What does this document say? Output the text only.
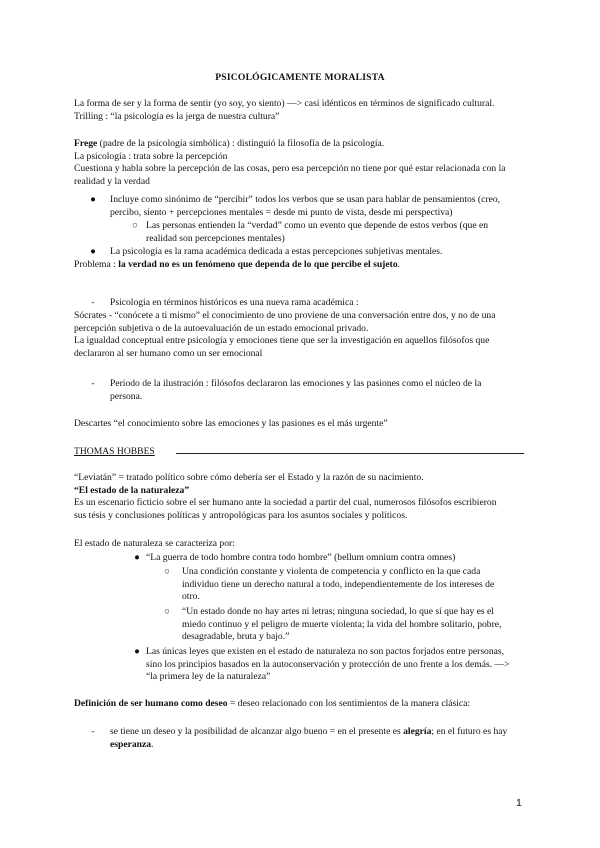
PSICOLÓGICAMENTE MORALISTA
La forma de ser y la forma de sentir (yo soy, yo siento) —> casi idénticos en términos de significado cultural.
Trilling : “la psicología es la jerga de nuestra cultura”
Frege (padre de la psicología simbólica) : distinguió la filosofía de la psicología.
La psicología : trata sobre la percepción
Cuestiona y habla sobre la percepción de las cosas, pero esa percepción no tiene por qué estar relacionada con la
realidad y la verdad
● Incluye como sinónimo de “percibir” todos los verbos que se usan para hablar de pensamientos (creo,
percibo, siento + percepciones mentales = desde mi punto de vista, desde mi perspectiva)
○ Las personas entienden la “verdad” como un evento que depende de estos verbos (que en
realidad son percepciones mentales)
● La psicología es la rama académica dedicada a estas percepciones subjetivas mentales.
Problema : la verdad no es un fenómeno que dependa de lo que percibe el sujeto.
-	Psicología en términos históricos es una nueva rama académica :
Sócrates - “conócete a ti mismo” el conocimiento de uno proviene de una conversación entre dos, y no de una
percepción subjetiva o de la autoevaluación de un estado emocional privado.
La igualdad conceptual entre psicología y emociones tiene que ser la investigación en aquellos filósofos que
declararon al ser humano como un ser emocional
-	Periodo de la ilustración : filósofos declararon las emociones y las pasiones como el núcleo de la
persona.
Descartes “el conocimiento sobre las emociones y las pasiones es el más urgente”
THOMAS HOBBES
“Leviatán” = tratado político sobre cómo debería ser el Estado y la razón de su nacimiento.
“El estado de la naturaleza”
Es un escenario ficticio sobre el ser humano ante la sociedad a partir del cual, numerosos filósofos escribieron
sus tésis y conclusiones políticas y antropológicas para los asuntos sociales y políticos.
El estado de naturaleza se caracteriza por:
● “La guerra de todo hombre contra todo hombre” (bellum omnium contra omnes)
○ Una condición constante y violenta de competencia y conflicto en la que cada
individuo tiene un derecho natural a todo, independientemente de los intereses de
otro.
○ “Un estado donde no hay artes ni letras; ninguna sociedad, lo que sí que hay es el
miedo continuo y el peligro de muerte violenta; la vida del hombre solitario, pobre,
desagradable, bruta y bajo.”
● Las únicas leyes que existen en el estado de naturaleza no son pactos forjados entre personas,
sino los principios basados en la autoconservación y protección de uno frente a los demás. —>
“la primera ley de la naturaleza”
Definición de ser humano como deseo = deseo relacionado con los sentimientos de la manera clásica:
-	se tiene un deseo y la posibilidad de alcanzar algo bueno = en el presente es alegría; en el futuro es hay
esperanza.
1
